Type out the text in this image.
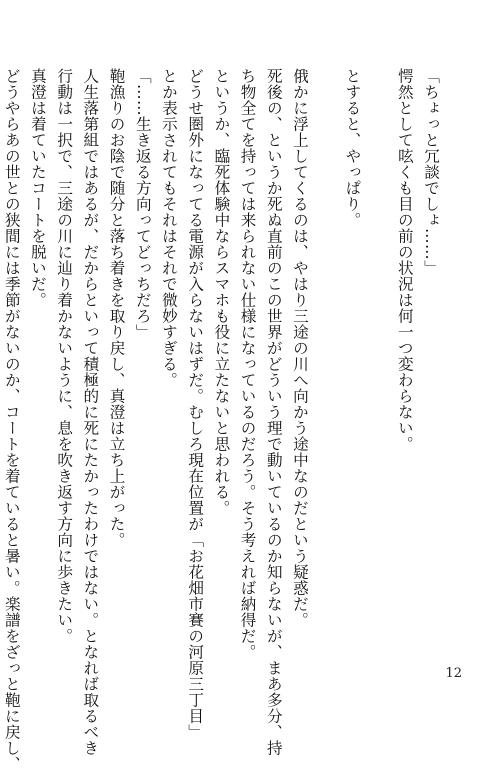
「ちょっと冗談でしょ……」
愕然として呟くも目の前の状況は何一つ変わらない。

とすると、やっぱり。

俄かに浮上してくるのは、やはり三途の川へ向かう途中なのだという疑惑だ。
死後の、というか死ぬ直前のこの世界がどういう理で動いているのか知らないが、まあ多分、持
ち物全てを持っては来られない仕様になっているのだろう。そう考えれば納得だ。
というか、臨死体験中ならスマホも役に立たないと思われる。
どうせ圏外になってる電源が入らないはずだ。むしろ現在位置が「お花畑市賽の河原三丁目」
とか表示されてもそれはそれで微妙すぎる。
「……生き返る方向ってどっちだろ」
鞄漁りのお陰で随分と落ち着きを取り戻し、真澄は立ち上がった。
人生落第組ではあるが、だからといって積極的に死にたかったわけではない。となれば取るべき
行動は一択で、三途の川に辿り着かないように、息を吹き返す方向に歩きたい。
真澄は着ていたコートを脱いだ。
どうやらあの世との狭間には季節がないのか、コートを着ていると暑い。楽譜をざっと鞄に戻し、	12
